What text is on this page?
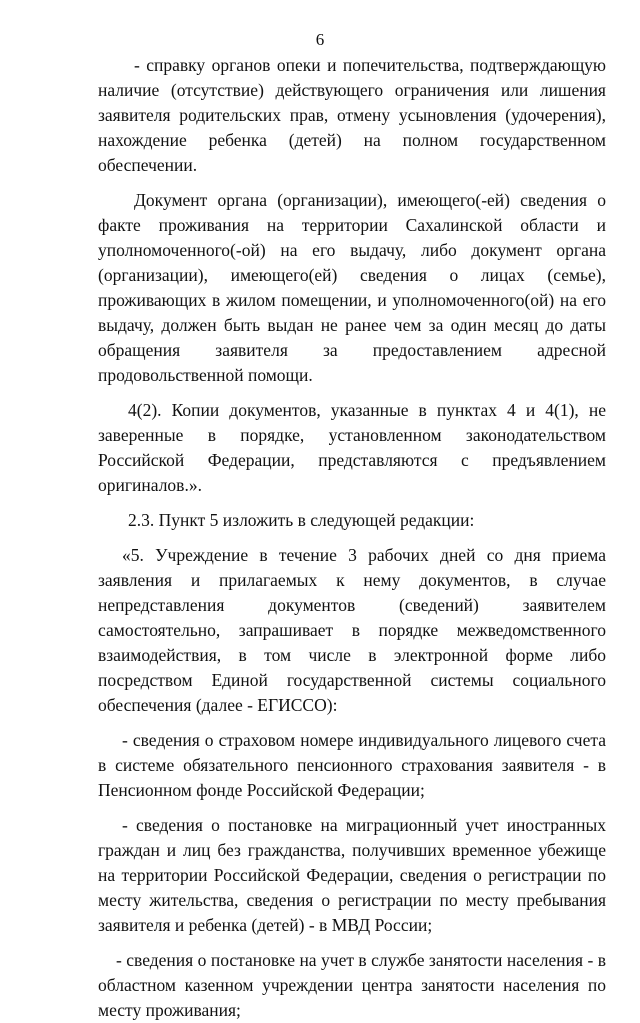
6

- справку органов опеки и попечительства, подтверждающую наличие (отсутствие) действующего ограничения или лишения заявителя родительских прав, отмену усыновления (удочерения), нахождение ребенка (детей) на полном государственном обеспечении.

Документ органа (организации), имеющего(-ей) сведения о факте проживания на территории Сахалинской области и уполномоченного(-ой) на его выдачу, либо документ органа (организации), имеющего(ей) сведения о лицах (семье), проживающих в жилом помещении, и уполномоченного(ой) на его выдачу, должен быть выдан не ранее чем за один месяц до даты обращения заявителя за предоставлением адресной продовольственной помощи.

4(2). Копии документов, указанные в пунктах 4 и 4(1), не заверенные в порядке, установленном законодательством Российской Федерации, представляются с предъявлением оригиналов.».

2.3. Пункт 5 изложить в следующей редакции:

«5. Учреждение в течение 3 рабочих дней со дня приема заявления и прилагаемых к нему документов, в случае непредставления документов (сведений) заявителем самостоятельно, запрашивает в порядке межведомственного взаимодействия, в том числе в электронной форме либо посредством Единой государственной системы социального обеспечения (далее - ЕГИССО):

- сведения о страховом номере индивидуального лицевого счета в системе обязательного пенсионного страхования заявителя - в Пенсионном фонде Российской Федерации;

- сведения о постановке на миграционный учет иностранных граждан и лиц без гражданства, получивших временное убежище на территории Российской Федерации, сведения о регистрации по месту жительства, сведения о регистрации по месту пребывания заявителя и ребенка (детей) - в МВД России;

- сведения о постановке на учет в службе занятости населения - в областном казенном учреждении центра занятости населения по месту проживания;
